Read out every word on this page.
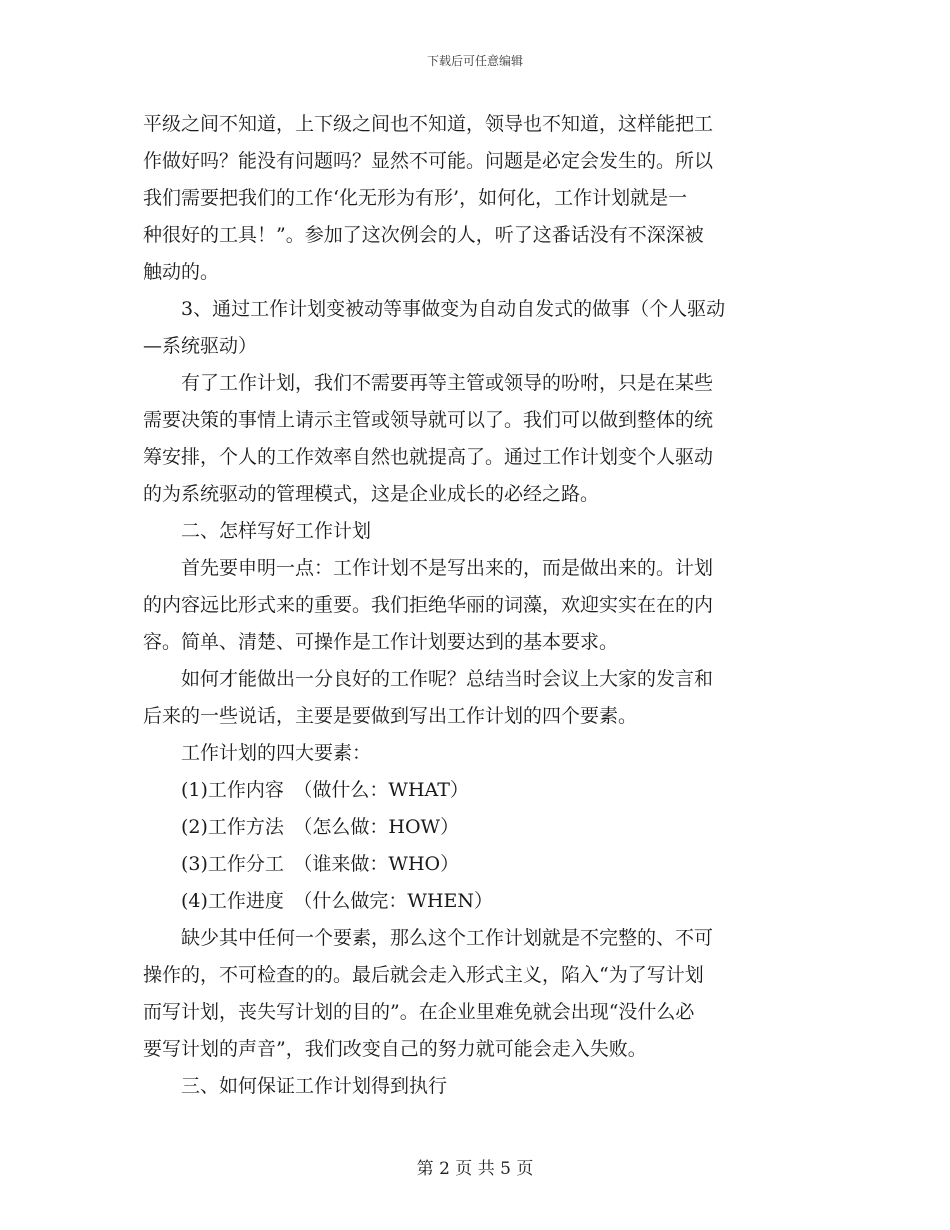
下载后可任意编辑
平级之间不知道，上下级之间也不知道，领导也不知道，这样能把工
作做好吗？能没有问题吗？显然不可能。问题是必定会发生的。所以
我们需要把我们的工作‘化无形为有形’，如何化，工作计划就是一
种很好的工具！”。参加了这次例会的人，听了这番话没有不深深被
触动的。
　　3、通过工作计划变被动等事做变为自动自发式的做事（个人驱动
—系统驱动）
　　有了工作计划，我们不需要再等主管或领导的吩咐，只是在某些
需要决策的事情上请示主管或领导就可以了。我们可以做到整体的统
筹安排，个人的工作效率自然也就提高了。通过工作计划变个人驱动
的为系统驱动的管理模式，这是企业成长的必经之路。
　　二、怎样写好工作计划
　　首先要申明一点：工作计划不是写出来的，而是做出来的。计划
的内容远比形式来的重要。我们拒绝华丽的词藻，欢迎实实在在的内
容。简单、清楚、可操作是工作计划要达到的基本要求。
　　如何才能做出一分良好的工作呢？总结当时会议上大家的发言和
后来的一些说话，主要是要做到写出工作计划的四个要素。
　　工作计划的四大要素：
　　(1)工作内容　（做什么：WHAT）
　　(2)工作方法　（怎么做：HOW）
　　(3)工作分工　（谁来做：WHO）
　　(4)工作进度　（什么做完：WHEN）
　　缺少其中任何一个要素，那么这个工作计划就是不完整的、不可
操作的，不可检查的的。最后就会走入形式主义，陷入“为了写计划
而写计划，丧失写计划的目的”。在企业里难免就会出现“没什么必
要写计划的声音”，我们改变自己的努力就可能会走入失败。
　　三、如何保证工作计划得到执行
第 2 页 共 5 页
